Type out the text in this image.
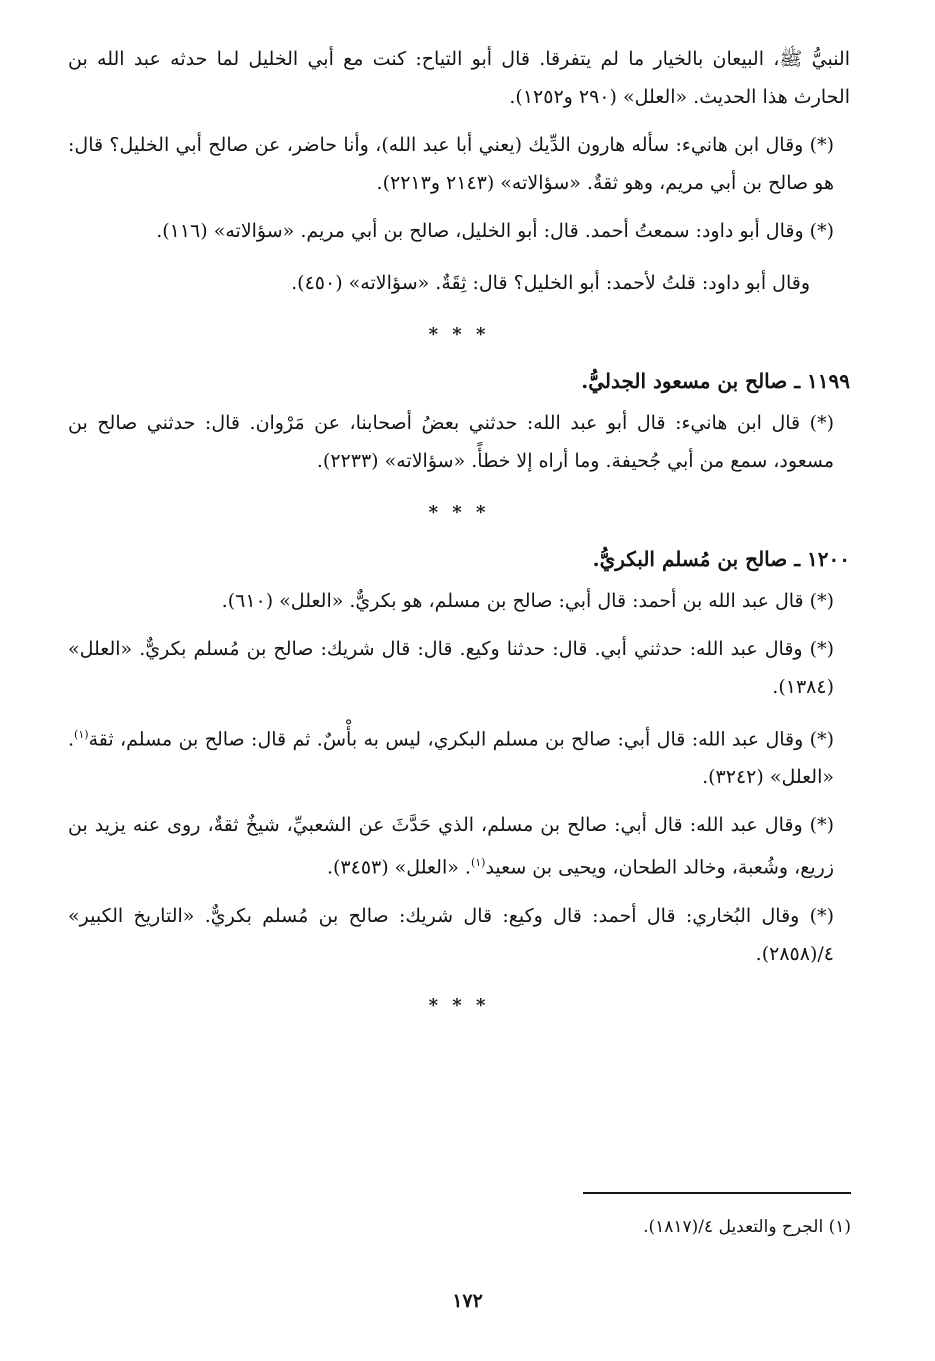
النبيُّ ﷺ، البيعان بالخيار ما لم يتفرقا. قال أبو التياح: كنت مع أبي الخليل لما حدثه عبد الله بن الحارث هذا الحديث. «العلل» (٢٩٠ و١٢٥٢).

(*) وقال ابن هانيء: سأله هارون الدِّيك (يعني أبا عبد الله)، وأنا حاضر، عن صالح أبي الخليل؟ قال: هو صالح بن أبي مريم، وهو ثقةٌ. «سؤالاته» (٢١٤٣ و٢٢١٣).

(*) وقال أبو داود: سمعتُ أحمد. قال: أبو الخليل، صالح بن أبي مريم. «سؤالاته» (١١٦).

وقال أبو داود: قلتُ لأحمد: أبو الخليل؟ قال: ثِقَةٌ. «سؤالاته» (٤٥٠).

* * *

١١٩٩ ـ صالح بن مسعود الجدليُّ.

(*) قال ابن هانيء: قال أبو عبد الله: حدثني بعضُ أصحابنا، عن مَرْوان. قال: حدثني صالح بن مسعود، سمع من أبي جُحيفة. وما أراه إلا خطأً. «سؤالاته» (٢٢٣٣).

* * *

١٢٠٠ ـ صالح بن مُسلم البكريُّ.

(*) قال عبد الله بن أحمد: قال أبي: صالح بن مسلم، هو بكريٌّ. «العلل» (٦١٠).

(*) وقال عبد الله: حدثني أبي. قال: حدثنا وكيع. قال: قال شريك: صالح بن مُسلم بكريٌّ. «العلل» (١٣٨٤).

(*) وقال عبد الله: قال أبي: صالح بن مسلم البكري، ليس به بأْسٌ. ثم قال: صالح بن مسلم، ثقة$^{(١)}$. «العلل» (٣٢٤٢).

(*) وقال عبد الله: قال أبي: صالح بن مسلم، الذي حَدَّثَ عن الشعبيِّ، شيخٌ ثقةٌ، روى عنه يزيد بن زريع، وشُعبة، وخالد الطحان، ويحيى بن سعيد$^{(١)}$. «العلل» (٣٤٥٣).

(*) وقال البُخاري: قال أحمد: قال وكيع: قال شريك: صالح بن مُسلم بكريٌّ. «التاريخ الكبير» ٤/(٢٨٥٨).

* * *
(١) الجرح والتعديل ٤/(١٨١٧).
١٧٢
